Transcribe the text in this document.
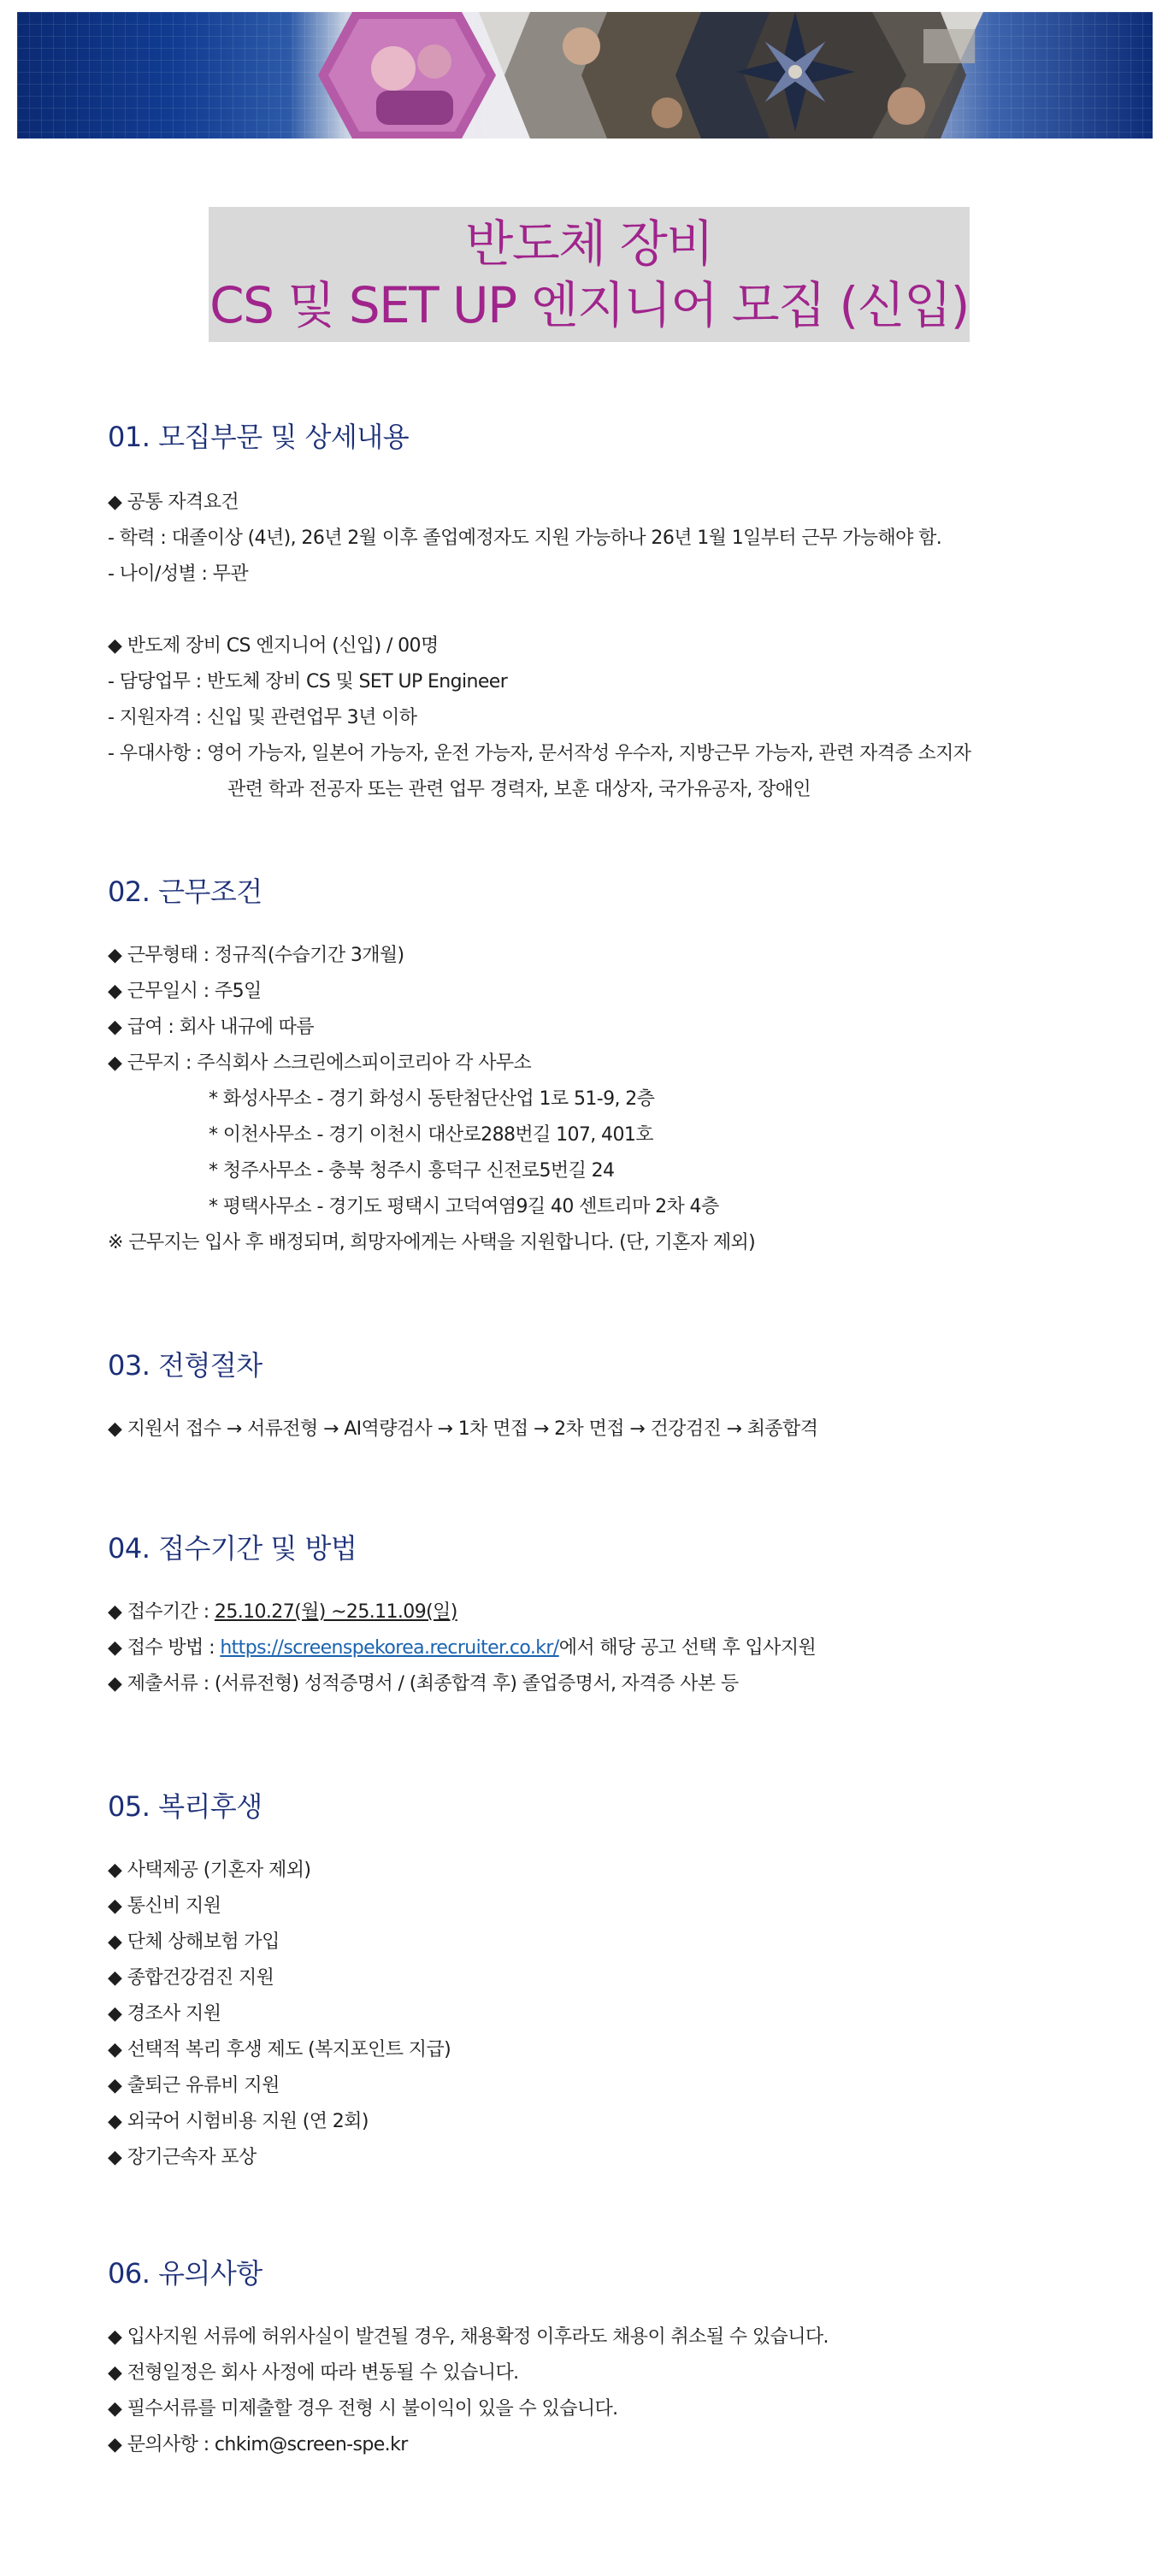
반도체 장비
CS 및 SET UP 엔지니어 모집 (신입)
01. 모집부문 및 상세내용
◆ 공통 자격요건
- 학력 : 대졸이상 (4년), 26년 2월 이후 졸업예정자도 지원 가능하나 26년 1월 1일부터 근무 가능해야 함.
- 나이/성별 : 무관
◆ 반도제 장비 CS 엔지니어 (신입) / 00명
- 담당업무 : 반도체 장비 CS 및 SET UP Engineer
- 지원자격 : 신입 및 관련업무 3년 이하
- 우대사항 : 영어 가능자, 일본어 가능자, 운전 가능자, 문서작성 우수자, 지방근무 가능자, 관련 자격증 소지자
관련 학과 전공자 또는 관련 업무 경력자, 보훈 대상자, 국가유공자, 장애인
02. 근무조건
◆ 근무형태 : 정규직(수습기간 3개월)
◆ 근무일시 : 주5일
◆ 급여 : 회사 내규에 따름
◆ 근무지 : 주식회사 스크린에스피이코리아 각 사무소
* 화성사무소 - 경기 화성시 동탄첨단산업 1로 51-9, 2층
* 이천사무소 - 경기 이천시 대산로288번길 107, 401호
* 청주사무소 - 충북 청주시 흥덕구 신전로5번길 24
* 평택사무소 - 경기도 평택시 고덕여염9길 40 센트리마 2차 4층
※ 근무지는 입사 후 배정되며, 희망자에게는 사택을 지원합니다. (단, 기혼자 제외)
03. 전형절차
◆ 지원서 접수 → 서류전형 → AI역량검사 → 1차 면접 → 2차 면접 → 건강검진 → 최종합격
04. 접수기간 및 방법
◆ 접수기간 : 25.10.27(월) ~25.11.09(일)
◆ 접수 방법 : https://screenspekorea.recruiter.co.kr/에서 해당 공고 선택 후 입사지원
◆ 제출서류 : (서류전형) 성적증명서 / (최종합격 후) 졸업증명서, 자격증 사본 등
05. 복리후생
◆ 사택제공 (기혼자 제외)
◆ 통신비 지원
◆ 단체 상해보험 가입
◆ 종합건강검진 지원
◆ 경조사 지원
◆ 선택적 복리 후생 제도 (복지포인트 지급)
◆ 출퇴근 유류비 지원
◆ 외국어 시험비용 지원 (연 2회)
◆ 장기근속자 포상
06. 유의사항
◆ 입사지원 서류에 허위사실이 발견될 경우, 채용확정 이후라도 채용이 취소될 수 있습니다.
◆ 전형일정은 회사 사정에 따라 변동될 수 있습니다.
◆ 필수서류를 미제출할 경우 전형 시 불이익이 있을 수 있습니다.
◆ 문의사항 : chkim@screen-spe.kr
